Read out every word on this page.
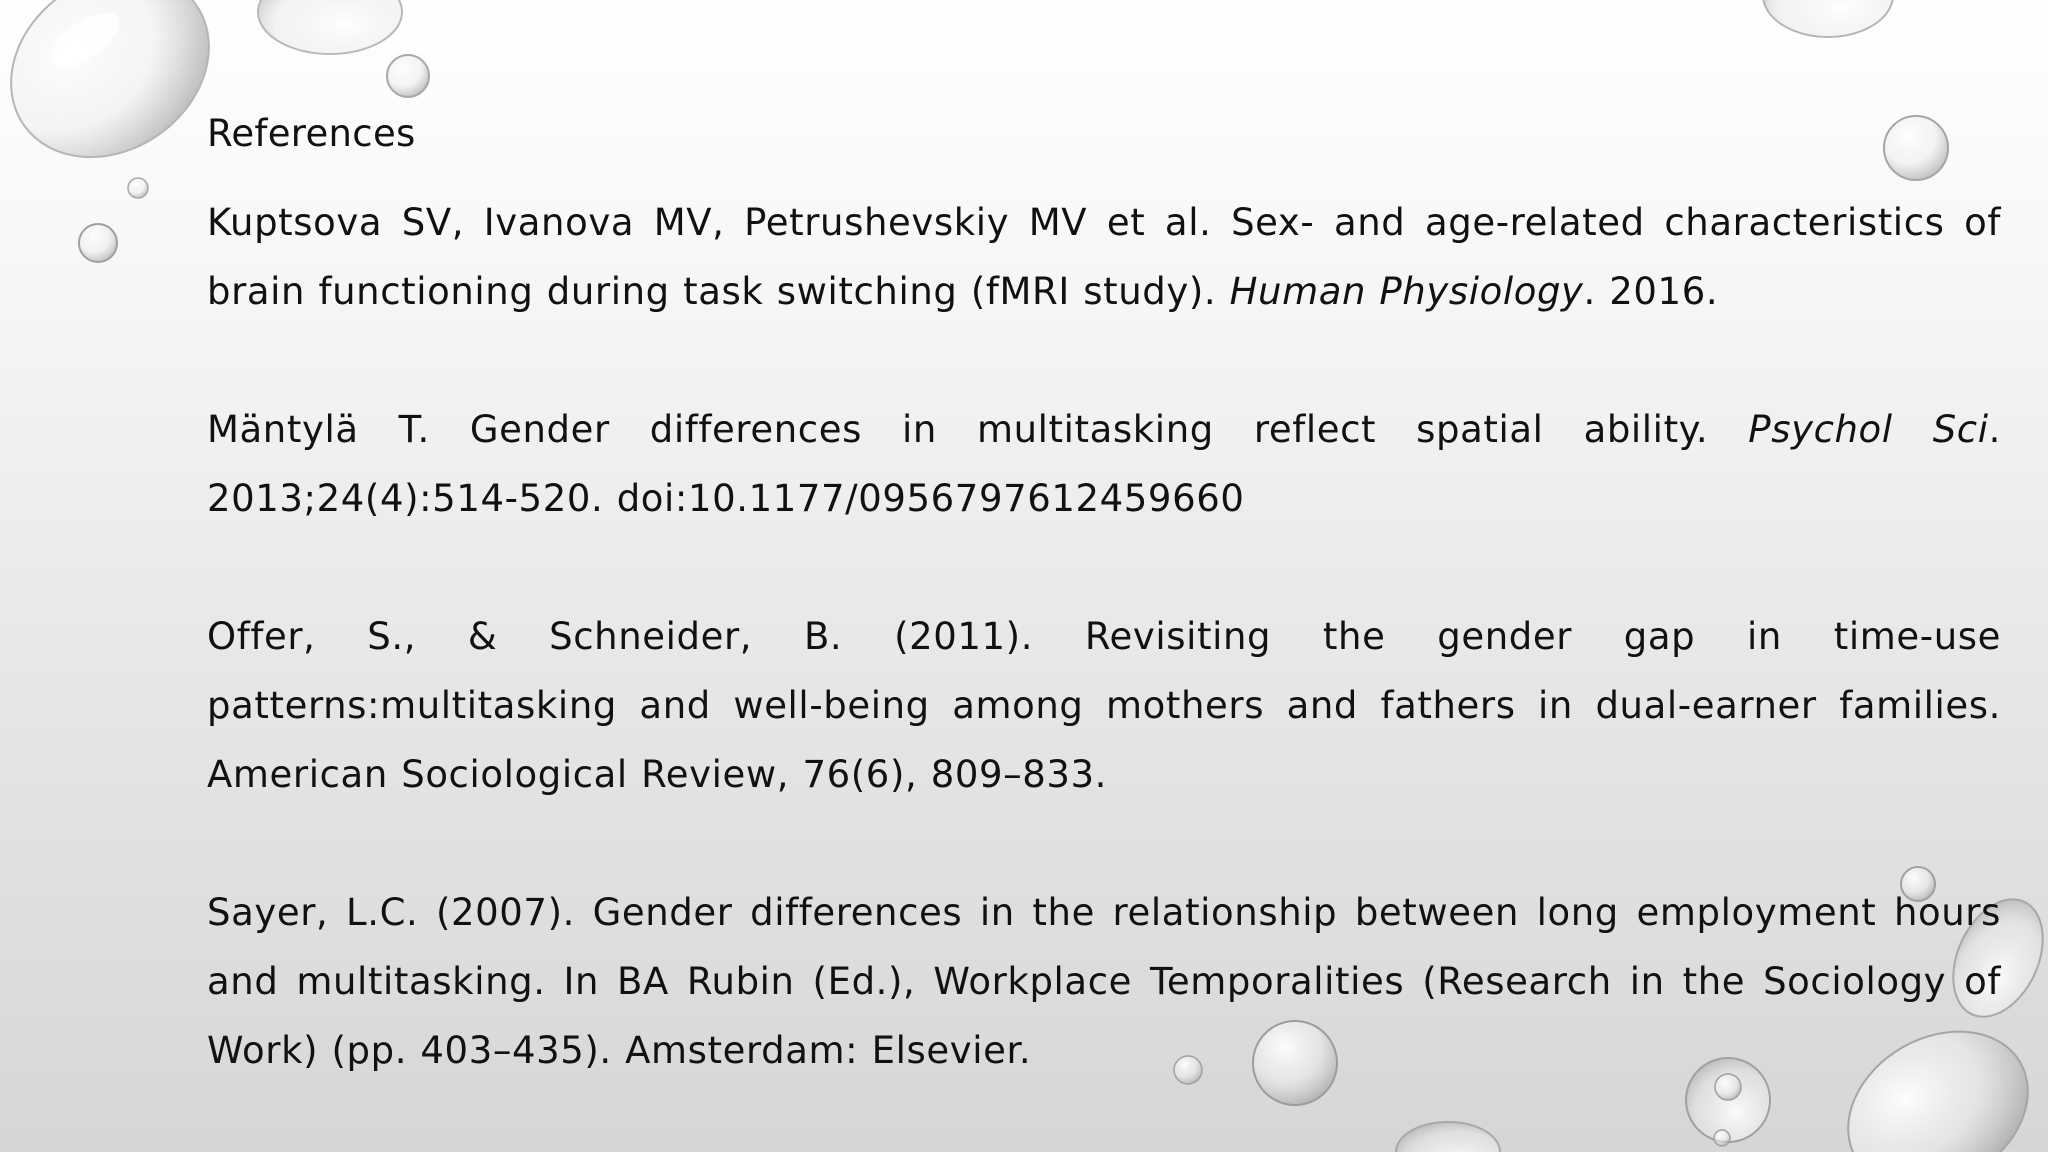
References

Kuptsova SV, Ivanova MV, Petrushevskiy MV et al. Sex- and age-related characteristics of brain functioning during task switching (fMRI study). Human Physiology. 2016.

Mäntylä T. Gender differences in multitasking reflect spatial ability. Psychol Sci. 2013;24(4):514-520. doi:10.1177/0956797612459660

Offer, S., & Schneider, B. (2011). Revisiting the gender gap in time-use patterns:multitasking and well-being among mothers and fathers in dual-earner families. American Sociological Review, 76(6), 809–833.

Sayer, L.C. (2007). Gender differences in the relationship between long employment hours and multitasking. In BA Rubin (Ed.), Workplace Temporalities (Research in the Sociology of Work) (pp. 403–435). Amsterdam: Elsevier.
